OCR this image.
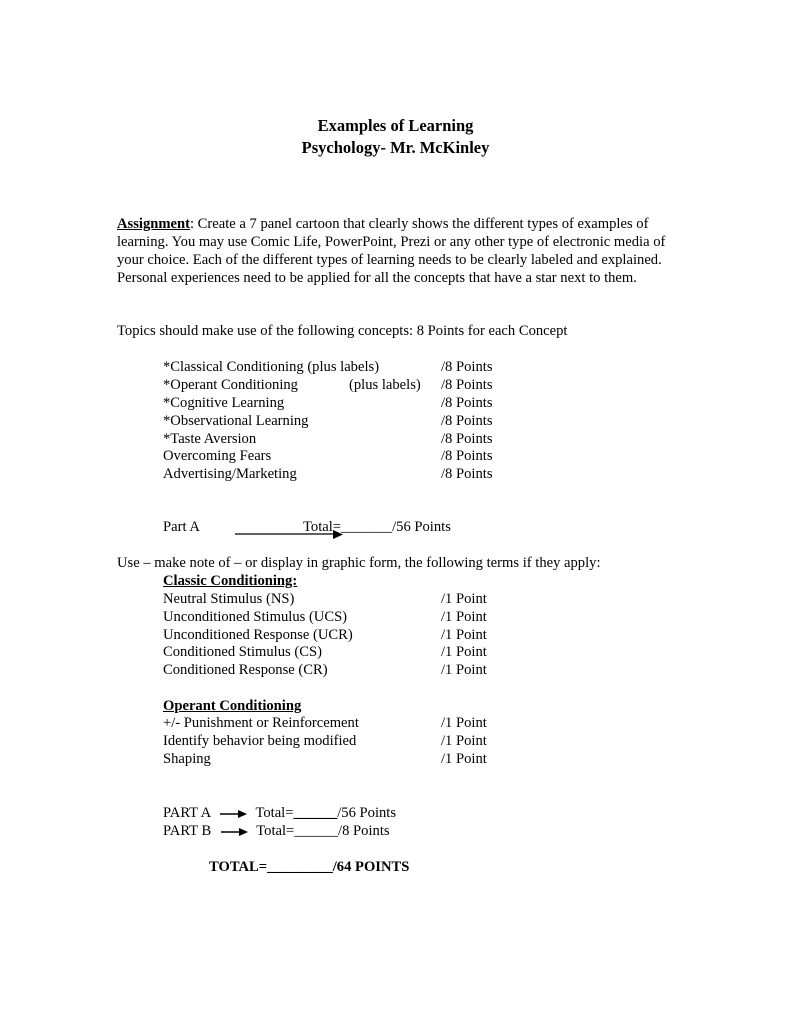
Examples of Learning
Psychology- Mr. McKinley
Assignment: Create a 7 panel cartoon that clearly shows the different types of examples of learning. You may use Comic Life, PowerPoint, Prezi or any other type of electronic media of your choice. Each of the different types of learning needs to be clearly labeled and explained. Personal experiences need to be applied for all the concepts that have a star next to them.
Topics should make use of the following concepts: 8 Points for each Concept
*Classical Conditioning (plus labels)	/8 Points
*Operant Conditioning	(plus labels) /8 Points
*Cognitive Learning	/8 Points
*Observational Learning	/8 Points
*Taste Aversion	/8 Points
Overcoming Fears	/8 Points
Advertising/Marketing	/8 Points
Part A	Total=_______/56 Points
Use – make note of – or display in graphic form, the following terms if they apply:
Classic Conditioning:
Neutral Stimulus (NS)	/1 Point
Unconditioned Stimulus (UCS)	/1 Point
Unconditioned Response (UCR)	/1 Point
Conditioned Stimulus (CS)	/1 Point
Conditioned Response (CR)	/1 Point
Operant Conditioning
+/- Punishment or Reinforcement	/1 Point
Identify behavior being modified	/1 Point
Shaping	/1 Point
PART A	Total=______/56 Points
PART B	Total=______/8 Points
TOTAL=_________/64 POINTS
